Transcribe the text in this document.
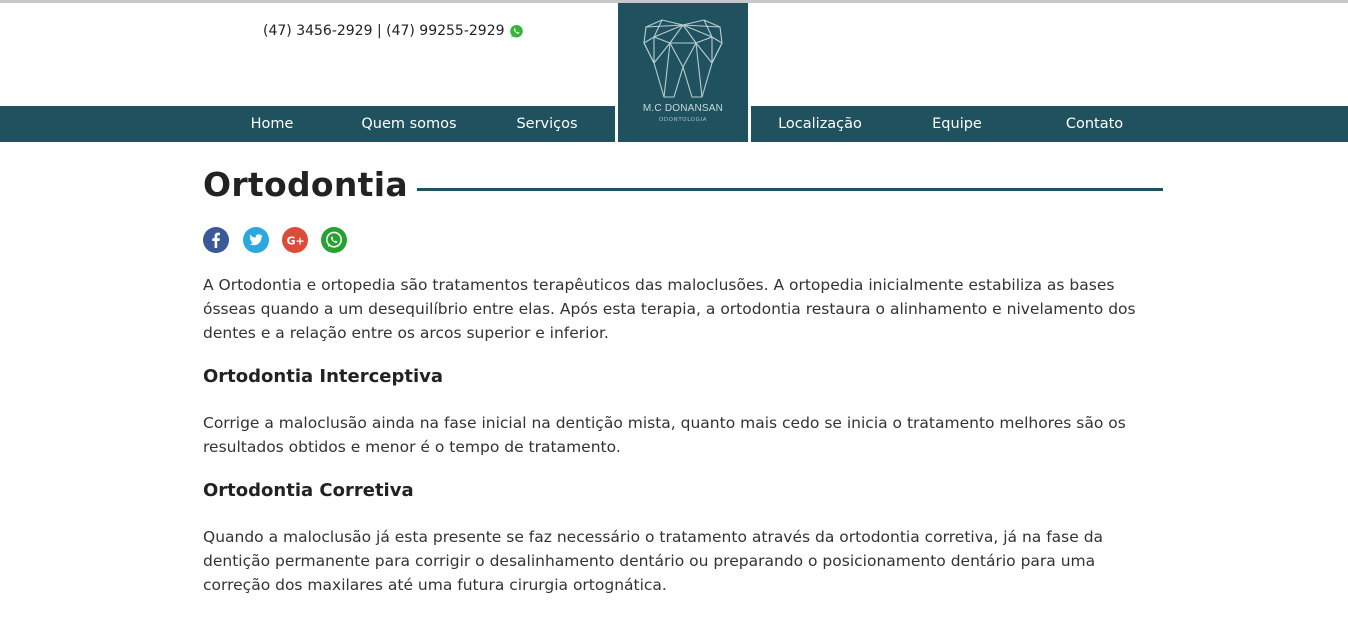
(47) 3456-2929 | (47) 99255-2929
Home	Quem somos	Serviços	Localização	Equipe	Contato
M.C DONANSAN
ODONTOLOGIA
Ortodontia
G+

A Ortodontia e ortopedia são tratamentos terapêuticos das maloclusões. A ortopedia inicialmente estabiliza as bases ósseas quando a um desequilíbrio entre elas. Após esta terapia, a ortodontia restaura o alinhamento e nivelamento dos dentes e a relação entre os arcos superior e inferior.

Ortodontia Interceptiva

Corrige a maloclusão ainda na fase inicial na dentição mista, quanto mais cedo se inicia o tratamento melhores são os resultados obtidos e menor é o tempo de tratamento.

Ortodontia Corretiva

Quando a maloclusão já esta presente se faz necessário o tratamento através da ortodontia corretiva, já na fase da dentição permanente para corrigir o desalinhamento dentário ou preparando o posicionamento dentário para uma correção dos maxilares até uma futura cirurgia ortognática.
